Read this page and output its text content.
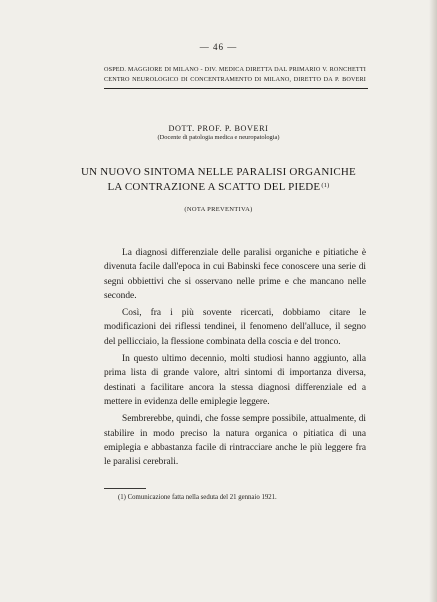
— 46 —
OSPED. MAGGIORE DI MILANO - DIV. MEDICA DIRETTA DAL PRIMARIO V. RONCHETTI
CENTRO NEUROLOGICO DI CONCENTRAMENTO DI MILANO, DIRETTO DA P. BOVERI
DOTT. PROF. P. BOVERI
(Docente di patologia medica e neuropatologia)
UN NUOVO SINTOMA NELLE PARALISI ORGANICHE
LA CONTRAZIONE A SCATTO DEL PIEDE$^{(1)}$
(NOTA PREVENTIVA)

La diagnosi differenziale delle paralisi organiche e pitiatiche è divenuta facile dall'epoca in cui Babinski fece conoscere una serie di segni obbiettivi che si osservano nelle prime e che mancano nelle seconde.

Così, fra i più sovente ricercati, dobbiamo citare le modificazioni dei riflessi tendinei, il fenomeno dell'alluce, il segno del pellicciaio, la flessione combinata della coscia e del tronco.

In questo ultimo decennio, molti studiosi hanno aggiunto, alla prima lista di grande valore, altri sintomi di importanza diversa, destinati a facilitare ancora la stessa diagnosi differenziale ed a mettere in evidenza delle emiplegie leggere.

Sembrerebbe, quindi, che fosse sempre possibile, attualmente, di stabilire in modo preciso la natura organica o pitiatica di una emiplegia e abbastanza facile di rintracciare anche le più leggere fra le paralisi cerebrali.

(1) Comunicazione fatta nella seduta del 21 gennaio 1921.
